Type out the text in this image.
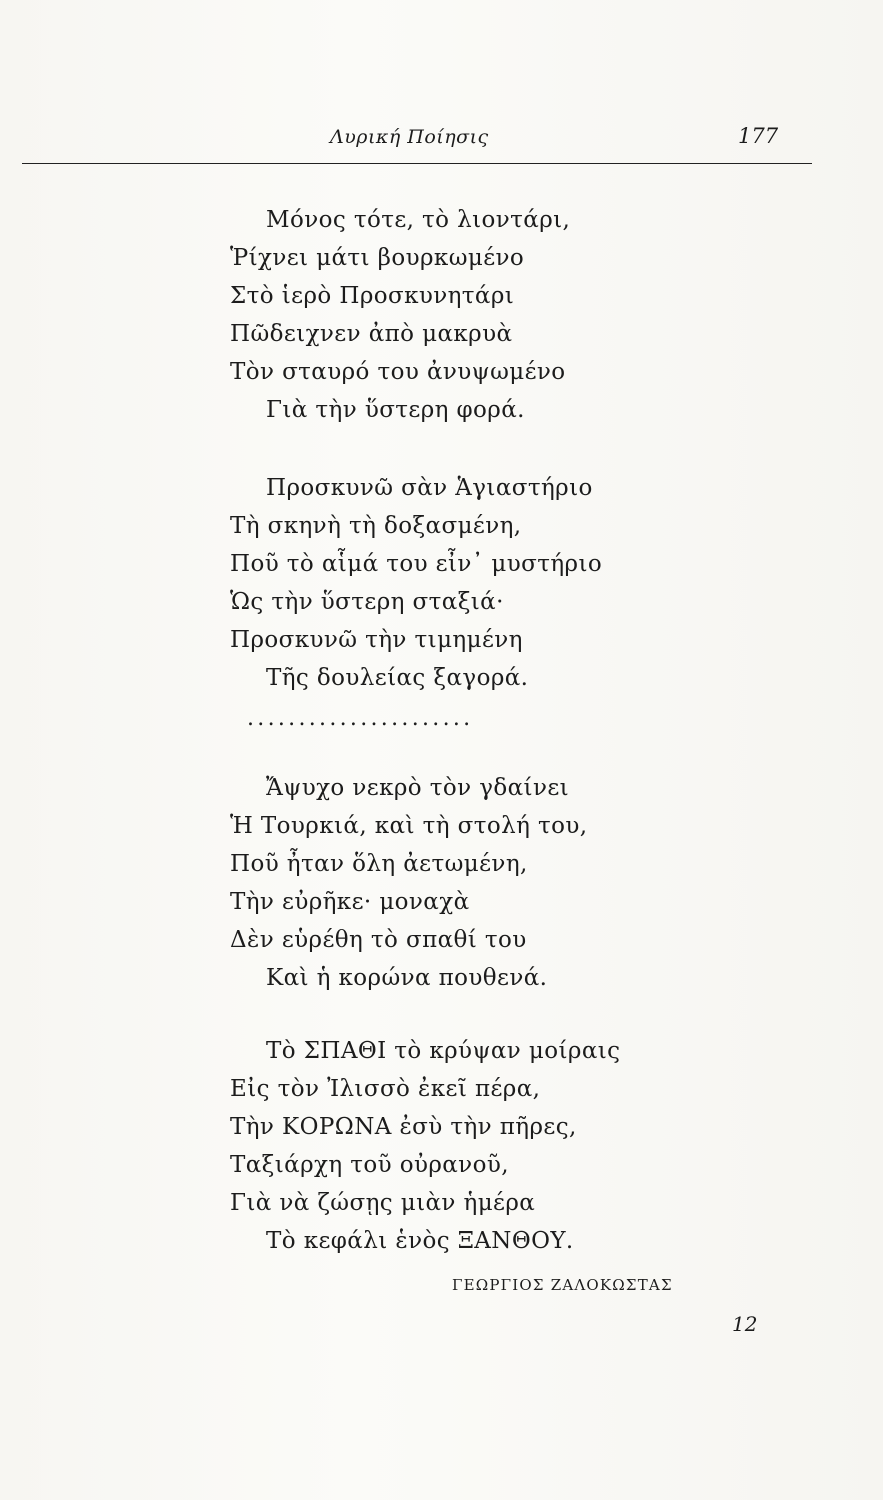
Λυρική Ποίησις	177
Μόνος τότε, τὸ λιοντάρι,
Ῥίχνει μάτι βουρκωμένο
Στὸ ἱερὸ Προσκυνητάρι
Πῶδειχνεν ἀπὸ μακρυὰ
Τὸν σταυρό του ἀνυψωμένο
Γιὰ τὴν ὕστερη φορά.
Προσκυνῶ σὰν Ἁγιαστήριο
Τὴ σκηνὴ τὴ δοξασμένη,
Ποῦ τὸ αἷμά του εἶν᾽ μυστήριο
Ὡς τὴν ὕστερη σταξιά·
Προσκυνῶ τὴν τιμημένη
Τῆς δουλείας ξαγορά.
......................
Ἄψυχο νεκρὸ τὸν γδαίνει
Ἡ Τουρκιά, καὶ τὴ στολή του,
Ποῦ ἦταν ὅλη ἀετωμένη,
Τὴν εὐρῆκε· μοναχὰ
Δὲν εὑρέθη τὸ σπαθί του
Καὶ ἡ κορώνα πουθενά.
Τὸ ΣΠΑΘΙ τὸ κρύψαν μοίραις
Εἰς τὸν Ἰλισσὸ ἐκεῖ πέρα,
Τὴν ΚΟΡΩΝΑ ἐσὺ τὴν πῆρες,
Ταξιάρχη τοῦ οὐρανοῦ,
Γιὰ νὰ ζώσῃς μιὰν ἡμέρα
Τὸ κεφάλι ἑνὸς ΞΑΝΘΟΥ.
ΓΕΩΡΓΙΟΣ ΖΑΛΟΚΩΣΤΑΣ
12
